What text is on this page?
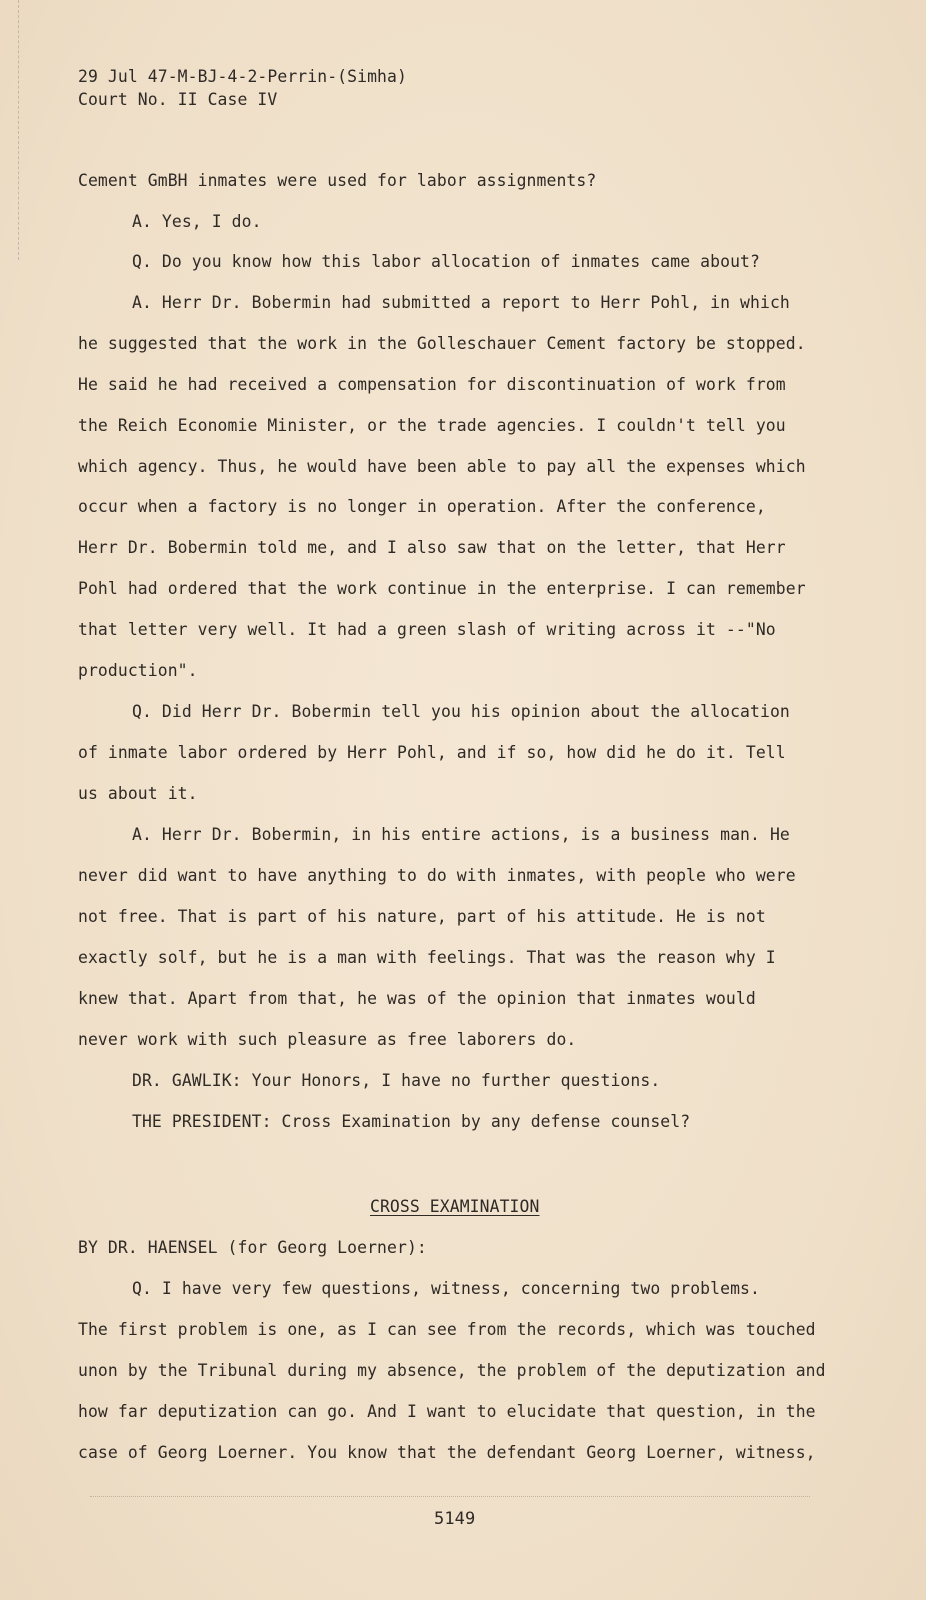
29 Jul 47-M-BJ-4-2-Perrin-(Simha)
Court No. II Case IV
Cement GmBH inmates were used for labor assignments?
A. Yes, I do.
Q. Do you know how this labor allocation of inmates came about?
A. Herr Dr. Bobermin had submitted a report to Herr Pohl, in which
he suggested that the work in the Golleschauer Cement factory be stopped.
He said he had received a compensation for discontinuation of work from
the Reich Economie Minister, or the trade agencies. I couldn't tell you
which agency. Thus, he would have been able to pay all the expenses which
occur when a factory is no longer in operation. After the conference,
Herr Dr. Bobermin told me, and I also saw that on the letter, that Herr
Pohl had ordered that the work continue in the enterprise. I can remember
that letter very well. It had a green slash of writing across it --"No
production".
Q. Did Herr Dr. Bobermin tell you his opinion about the allocation
of inmate labor ordered by Herr Pohl, and if so, how did he do it. Tell
us about it.
A. Herr Dr. Bobermin, in his entire actions, is a business man. He
never did want to have anything to do with inmates, with people who were
not free. That is part of his nature, part of his attitude. He is not
exactly solf, but he is a man with feelings. That was the reason why I
knew that. Apart from that, he was of the opinion that inmates would
never work with such pleasure as free laborers do.
DR. GAWLIK: Your Honors, I have no further questions.
THE PRESIDENT: Cross Examination by any defense counsel?
CROSS EXAMINATION
BY DR. HAENSEL (for Georg Loerner):
Q. I have very few questions, witness, concerning two problems.
The first problem is one, as I can see from the records, which was touched
unon by the Tribunal during my absence, the problem of the deputization and
how far deputization can go. And I want to elucidate that question, in the
case of Georg Loerner. You know that the defendant Georg Loerner, witness,
5149
